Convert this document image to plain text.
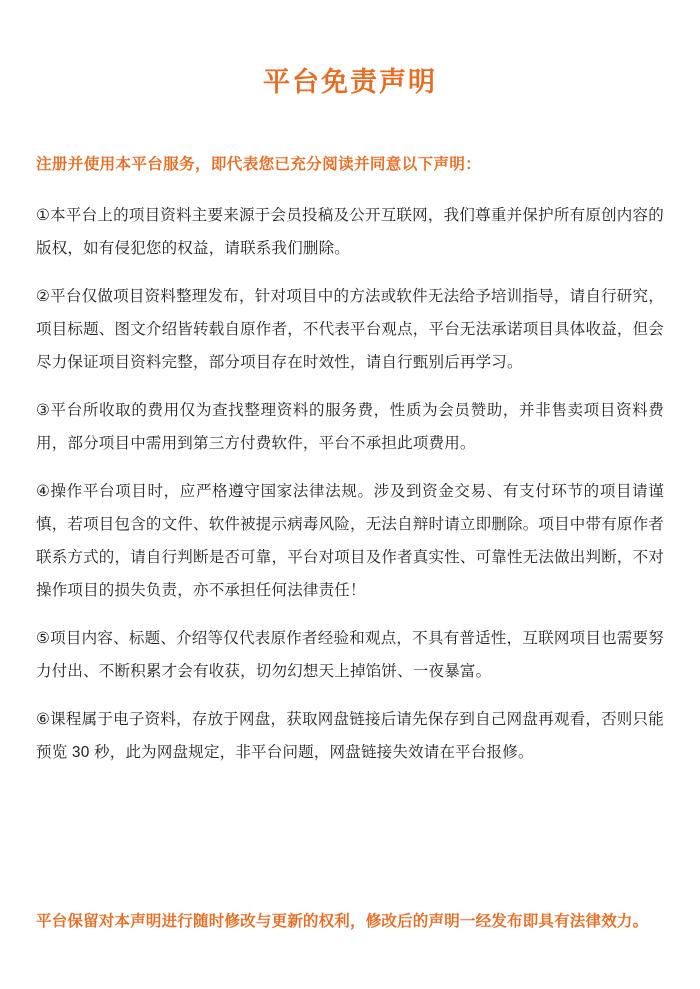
平台免责声明

注册并使用本平台服务，即代表您已充分阅读并同意以下声明：

①本平台上的项目资料主要来源于会员投稿及公开互联网，我们尊重并保护所有原创内容的版权，如有侵犯您的权益，请联系我们删除。

②平台仅做项目资料整理发布，针对项目中的方法或软件无法给予培训指导，请自行研究，项目标题、图文介绍皆转载自原作者，不代表平台观点，平台无法承诺项目具体收益，但会尽力保证项目资料完整，部分项目存在时效性，请自行甄别后再学习。

③平台所收取的费用仅为查找整理资料的服务费，性质为会员赞助，并非售卖项目资料费用，部分项目中需用到第三方付费软件，平台不承担此项费用。

④操作平台项目时，应严格遵守国家法律法规。涉及到资金交易、有支付环节的项目请谨慎，若项目包含的文件、软件被提示病毒风险，无法自辩时请立即删除。项目中带有原作者联系方式的，请自行判断是否可靠，平台对项目及作者真实性、可靠性无法做出判断，不对操作项目的损失负责，亦不承担任何法律责任！

⑤项目内容、标题、介绍等仅代表原作者经验和观点，不具有普适性，互联网项目也需要努力付出、不断积累才会有收获，切勿幻想天上掉馅饼、一夜暴富。

⑥课程属于电子资料，存放于网盘，获取网盘链接后请先保存到自己网盘再观看，否则只能预览 30 秒，此为网盘规定，非平台问题，网盘链接失效请在平台报修。

平台保留对本声明进行随时修改与更新的权利，修改后的声明一经发布即具有法律效力。
